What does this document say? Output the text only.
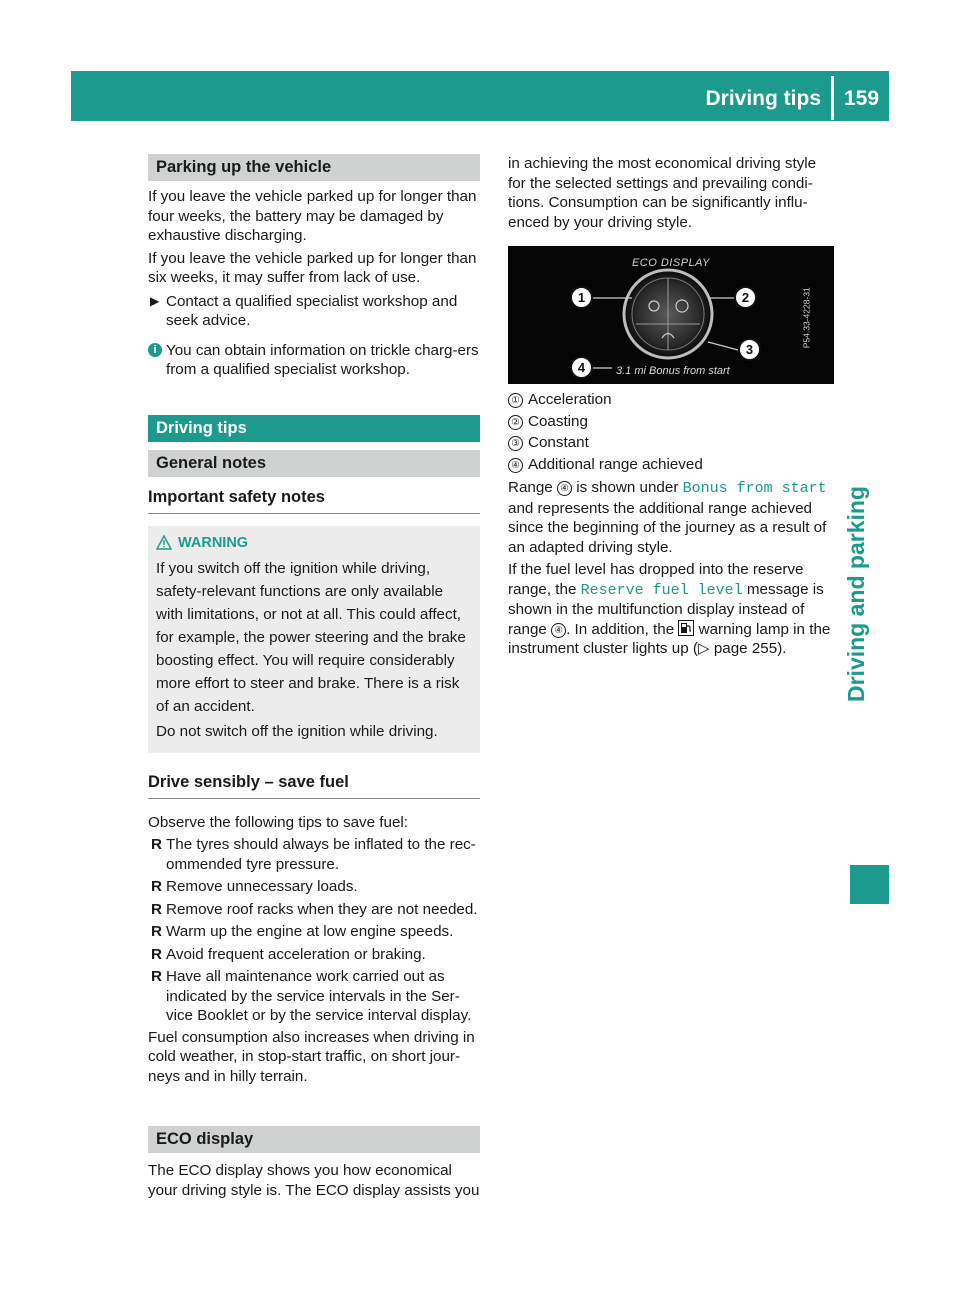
Driving tips 159
Driving and parking
Parking up the vehicle

If you leave the vehicle parked up for longer than four weeks, the battery may be damaged by exhaustive discharging.

If you leave the vehicle parked up for longer than six weeks, it may suffer from lack of use.

▶ Contact a qualified specialist workshop and seek advice.
i You can obtain information on trickle charg-ers from a qualified specialist workshop.
Driving tips
General notes
Important safety notes
WARNING

If you switch off the ignition while driving, safety-relevant functions are only available with limitations, or not at all. This could affect, for example, the power steering and the brake boosting effect. You will require considerably more effort to steer and brake. There is a risk of an accident.

Do not switch off the ignition while driving.

Drive sensibly – save fuel

Observe the following tips to save fuel:

R The tyres should always be inflated to the rec-ommended tyre pressure.
R Remove unnecessary loads.
R Remove roof racks when they are not needed.
R Warm up the engine at low engine speeds.
R Avoid frequent acceleration or braking.
R Have all maintenance work carried out as indicated by the service intervals in the Ser-vice Booklet or by the service interval display.

Fuel consumption also increases when driving in cold weather, in stop-start traffic, on short jour-neys and in hilly terrain.

ECO display

The ECO display shows you how economical your driving style is. The ECO display assists you

in achieving the most economical driving style for the selected settings and prevailing condi-tions. Consumption can be significantly influ-enced by your driving style.

ECO DISPLAY
1	2
3
4	3.1 mi Bonus from start
P54.33-4228-31
① Acceleration
② Coasting
③ Constant
④ Additional range achieved

Range ④ is shown under Bonus from start and represents the additional range achieved since the beginning of the journey as a result of an adapted driving style.

If the fuel level has dropped into the reserve range, the Reserve fuel level message is shown in the multifunction display instead of range ④ . In addition, the warning lamp in the instrument cluster lights up (▷ page 255).
